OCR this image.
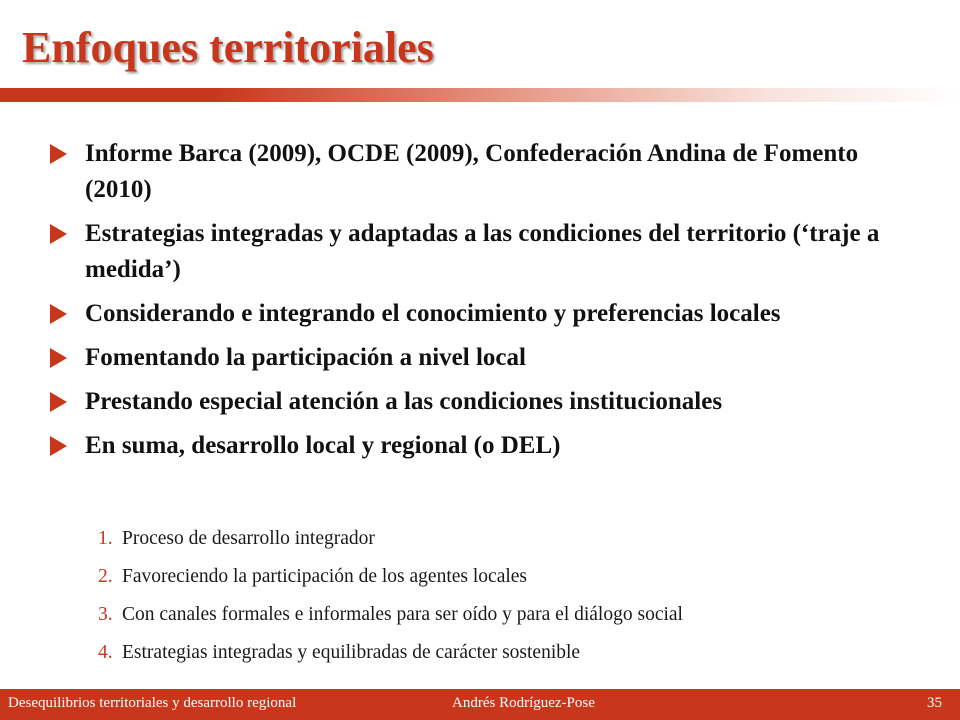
Enfoques territoriales
Informe Barca (2009), OCDE (2009), Confederación Andina de Fomento (2010)
Estrategias integradas y adaptadas a las condiciones del territorio (‘traje a medida’)
Considerando e integrando el conocimiento y preferencias locales
Fomentando la participación a nivel local
Prestando especial atención a las condiciones institucionales
En suma, desarrollo local y regional (o DEL)
1. Proceso de desarrollo integrador
2. Favoreciendo la participación de los agentes locales
3. Con canales formales e informales para ser oído y para el diálogo social
4. Estrategias integradas y equilibradas de carácter sostenible
Desequilibrios territoriales y desarrollo regional	Andrés Rodríguez-Pose	35
